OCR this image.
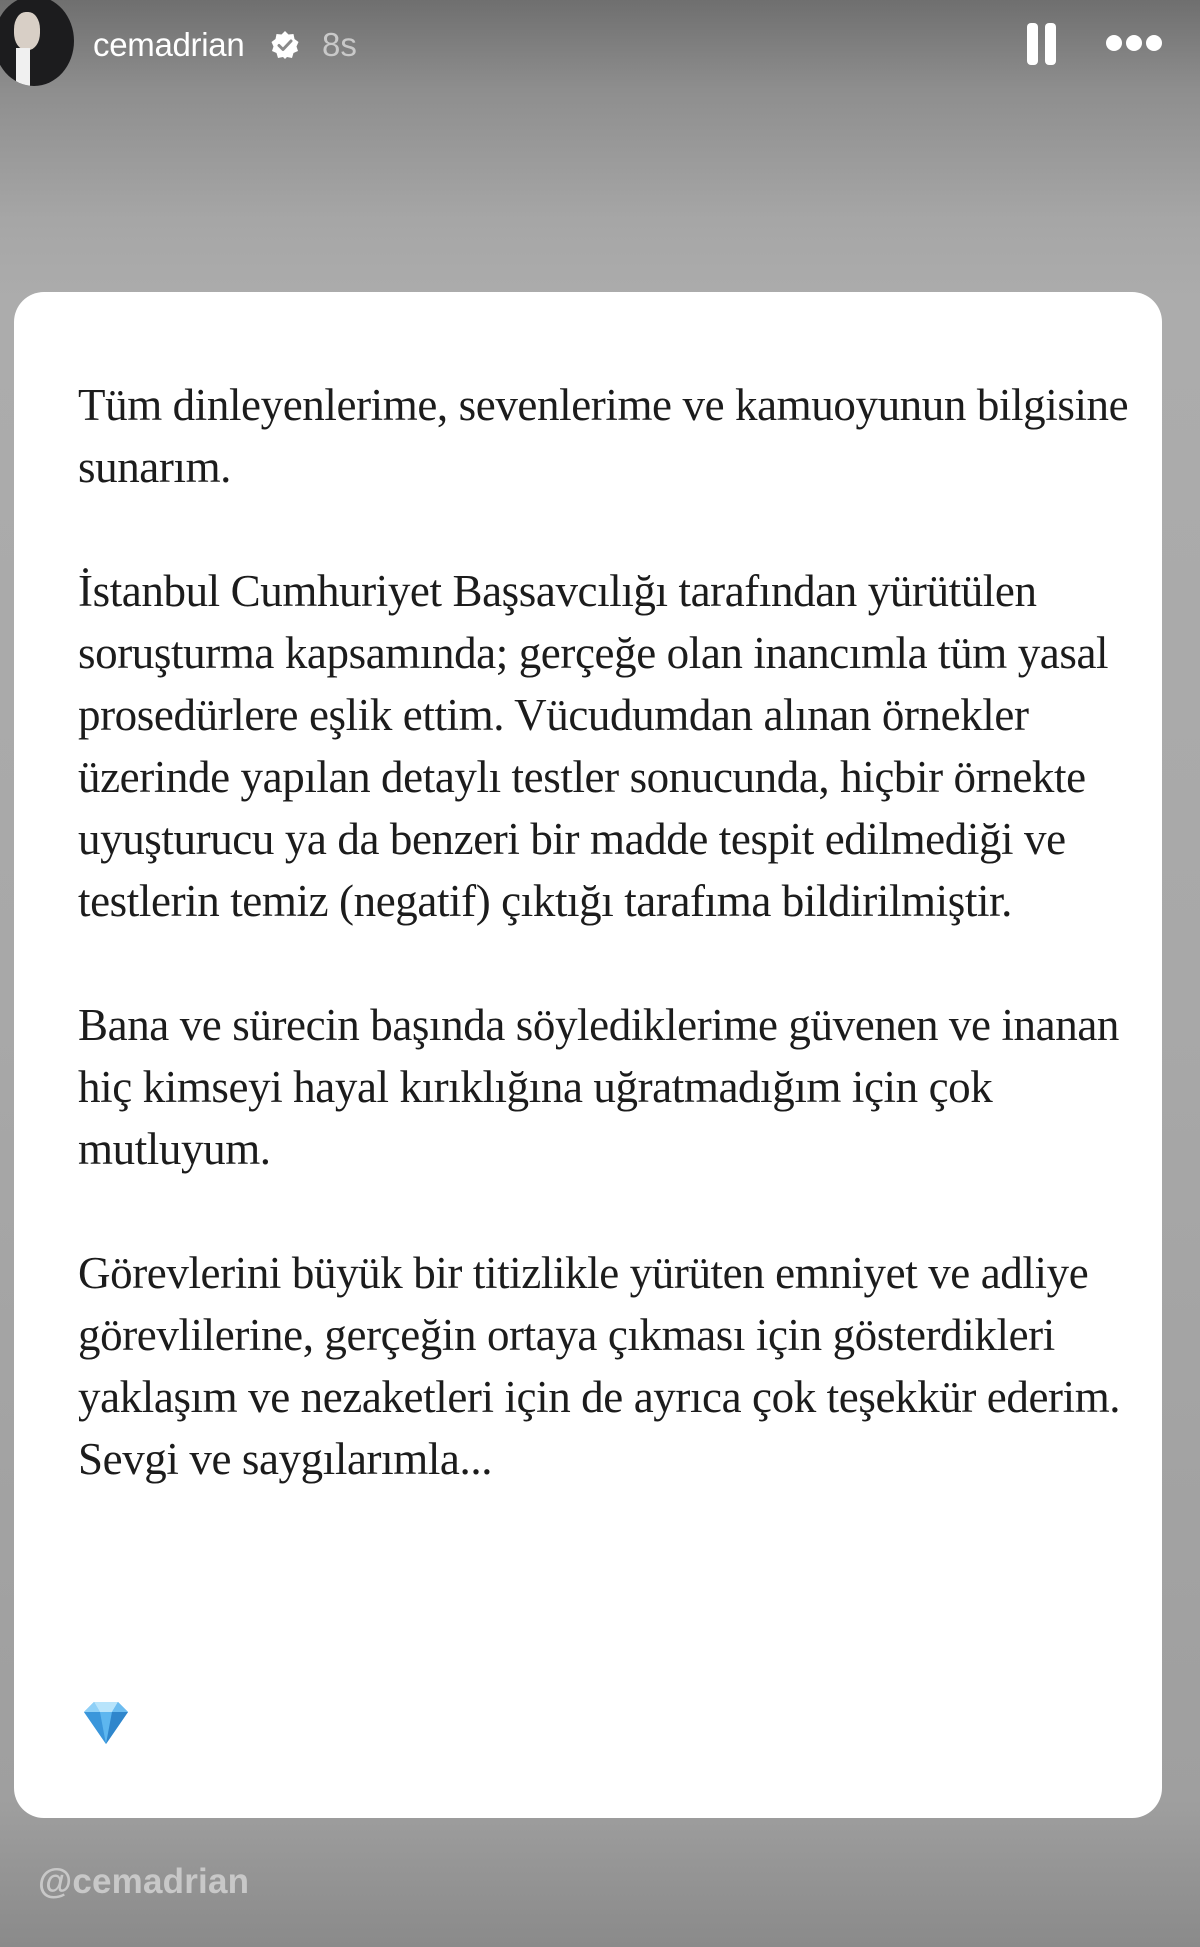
cemadrian 8s

Tüm dinleyenlerime, sevenlerime ve kamuoyunun bilgisine sunarım.

İstanbul Cumhuriyet Başsavcılığı tarafından yürütülen soruşturma kapsamında; gerçeğe olan inancımla tüm yasal prosedürlere eşlik ettim. Vücudumdan alınan örnekler üzerinde yapılan detaylı testler sonucunda, hiçbir örnekte uyuşturucu ya da benzeri bir madde tespit edilmediği ve testlerin temiz (negatif) çıktığı tarafıma bildirilmiştir.

Bana ve sürecin başında söylediklerime güvenen ve inanan hiç kimseyi hayal kırıklığına uğratmadığım için çok mutluyum.

Görevlerini büyük bir titizlikle yürüten emniyet ve adliye görevlilerine, gerçeğin ortaya çıkması için gösterdikleri yaklaşım ve nezaketleri için de ayrıca çok teşekkür ederim.

Sevgi ve saygılarımla...

@cemadrian
